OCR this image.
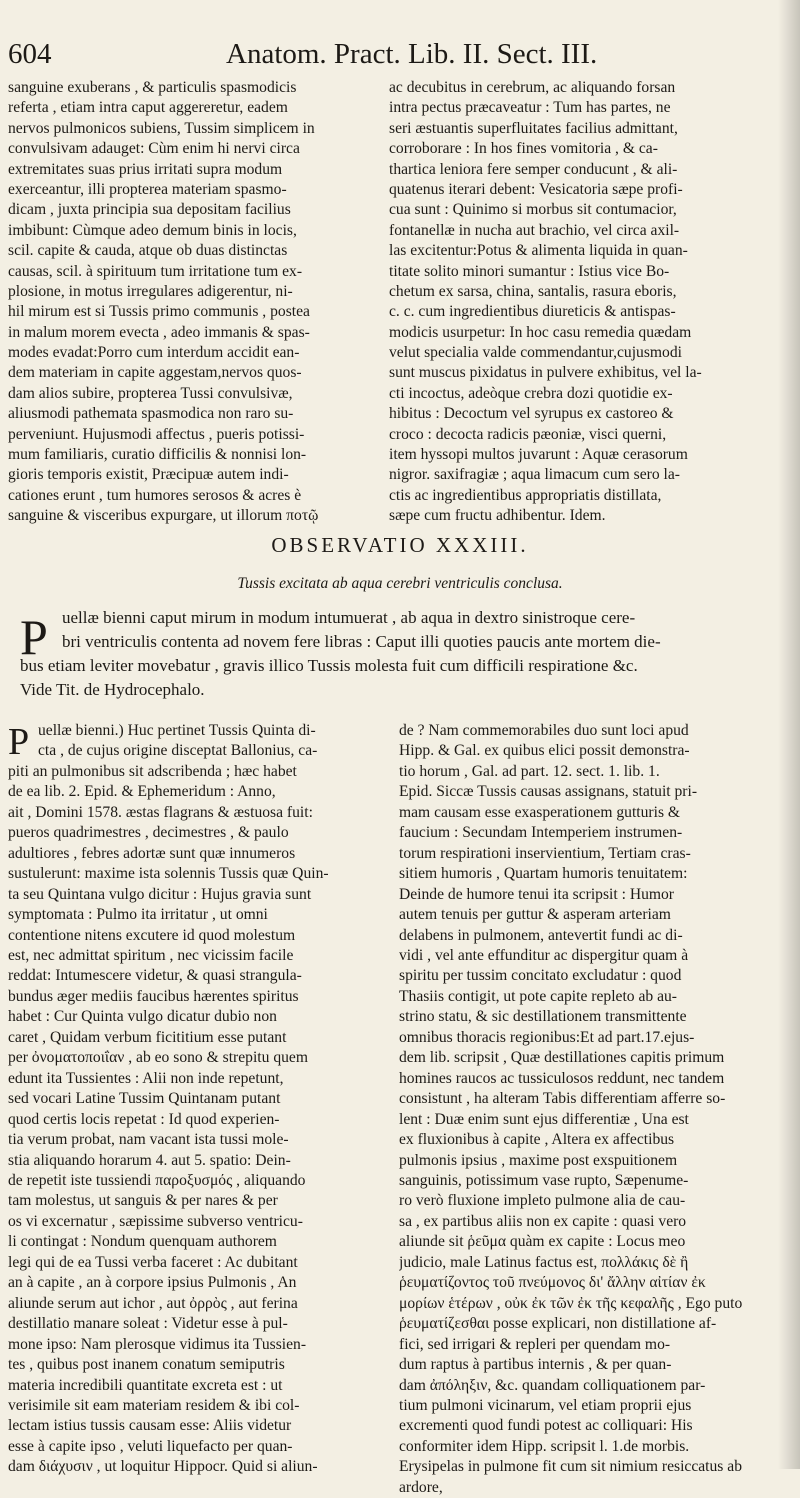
604	Anatom. Pract. Lib. II. Sect. III.
sanguine exuberans , & particulis spasmodicis
referta , etiam intra caput aggereretur, eadem
nervos pulmonicos subiens, Tussim simplicem in
convulsivam adauget: Cùm enim hi nervi circa
extremitates suas prius irritati supra modum
exerceantur, illi propterea materiam spasmo-
dicam , juxta principia sua depositam facilius
imbibunt: Cùmque adeo demum binis in locis,
scil. capite & cauda, atque ob duas distinctas
causas, scil. à spirituum tum irritatione tum ex-
plosione, in motus irregulares adigerentur, ni-
hil mirum est si Tussis primo communis , postea
in malum morem evecta , adeo immanis & spas-
modes evadat:Porro cum interdum accidit ean-
dem materiam in capite aggestam,nervos quos-
dam alios subire, propterea Tussi convulsivæ,
aliusmodi pathemata spasmodica non raro su-
perveniunt. Hujusmodi affectus , pueris potissi-
mum familiaris, curatio difficilis & nonnisi lon-
gioris temporis existit, Præcipuæ autem indi-
cationes erunt , tum humores serosos & acres è
sanguine & visceribus expurgare, ut illorum ποτῷ
ac decubitus in cerebrum, ac aliquando forsan
intra pectus præcaveatur : Tum has partes, ne
seri æstuantis superfluitates facilius admittant,
corroborare : In hos fines vomitoria , & ca-
thartica leniora fere semper conducunt , & ali-
quatenus iterari debent: Vesicatoria sæpe profi-
cua sunt : Quinimo si morbus sit contumacior,
fontanellæ in nucha aut brachio, vel circa axil-
las excitentur:Potus & alimenta liquida in quan-
titate solito minori sumantur : Istius vice Bo-
chetum ex sarsa, china, santalis, rasura eboris,
c. c. cum ingredientibus diureticis & antispas-
modicis usurpetur: In hoc casu remedia quædam
velut specialia valde commendantur,cujusmodi
sunt muscus pixidatus in pulvere exhibitus, vel la-
cti incoctus, adeòque crebra dozi quotidie ex-
hibitus : Decoctum vel syrupus ex castoreo &
croco : decocta radicis pæoniæ, visci querni,
item hyssopi multos juvarunt : Aquæ cerasorum
nigror. saxifragiæ ; aqua limacum cum sero la-
ctis ac ingredientibus appropriatis distillata,
sæpe cum fructu adhibentur. Idem.
OBSERVATIO XXXIII.
Tussis excitata ab aqua cerebri ventriculis conclusa.
P uellæ bienni caput mirum in modum intumuerat , ab aqua in dextro sinistroque cere-
bri ventriculis contenta ad novem fere libras : Caput illi quoties paucis ante mortem die-
bus etiam leviter movebatur , gravis illico Tussis molesta fuit cum difficili respiratione &c.
Vide Tit. de Hydrocephalo.
P uellæ bienni.) Huc pertinet Tussis Quinta di-
cta , de cujus origine disceptat Ballonius, ca-
piti an pulmonibus sit adscribenda ; hæc habet
de ea lib. 2. Epid. & Ephemeridum : Anno,
ait , Domini 1578. æstas flagrans & æstuosa fuit:
pueros quadrimestres , decimestres , & paulo
adultiores , febres adortæ sunt quæ innumeros
sustulerunt: maxime ista solennis Tussis quæ Quin-
ta seu Quintana vulgo dicitur : Hujus gravia sunt
symptomata : Pulmo ita irritatur , ut omni
contentione nitens excutere id quod molestum
est, nec admittat spiritum , nec vicissim facile
reddat: Intumescere videtur, & quasi strangula-
bundus æger mediis faucibus hærentes spiritus
habet : Cur Quinta vulgo dicatur dubio non
caret , Quidam verbum ficititium esse putant
per ὀνοματοποιΐαν , ab eo sono & strepitu quem
edunt ita Tussientes : Alii non inde repetunt,
sed vocari Latine Tussim Quintanam putant
quod certis locis repetat : Id quod experien-
tia verum probat, nam vacant ista tussi mole-
stia aliquando horarum 4. aut 5. spatio: Dein-
de repetit iste tussiendi παροξυσμός , aliquando
tam molestus, ut sanguis & per nares & per
os vi excernatur , sæpissime subverso ventricu-
li contingat : Nondum quenquam authorem
legi qui de ea Tussi verba faceret : Ac dubitant
an à capite , an à corpore ipsius Pulmonis , An
aliunde serum aut ichor , aut ὀρρὸς , aut ferina
destillatio manare soleat : Videtur esse à pul-
mone ipso: Nam plerosque vidimus ita Tussien-
tes , quibus post inanem conatum semiputris
materia incredibili quantitate excreta est : ut
verisimile sit eam materiam residem & ibi col-
lectam istius tussis causam esse: Aliis videtur
esse à capite ipso , veluti liquefacto per quan-
dam διάχυσιν , ut loquitur Hippocr. Quid si aliun-
de ? Nam commemorabiles duo sunt loci apud
Hipp. & Gal. ex quibus elici possit demonstra-
tio horum , Gal. ad part. 12. sect. 1. lib. 1.
Epid. Siccæ Tussis causas assignans, statuit pri-
mam causam esse exasperationem gutturis &
faucium : Secundam Intemperiem instrumen-
torum respirationi inservientium, Tertiam cras-
sitiem humoris , Quartam humoris tenuitatem:
Deinde de humore tenui ita scripsit : Humor
autem tenuis per guttur & asperam arteriam
delabens in pulmonem, antevertit fundi ac di-
vidi , vel ante effunditur ac dispergitur quam à
spiritu per tussim concitato excludatur : quod
Thasiis contigit, ut pote capite repleto ab au-
strino statu, & sic destillationem transmittente
omnibus thoracis regionibus:Et ad part.17.ejus-
dem lib. scripsit , Quæ destillationes capitis primum
homines raucos ac tussiculosos reddunt, nec tandem
consistunt , ha alteram Tabis differentiam afferre so-
lent : Duæ enim sunt ejus differentiæ , Una est
ex fluxionibus à capite , Altera ex affectibus
pulmonis ipsius , maxime post exspuitionem
sanguinis, potissimum vase rupto, Sæpenume-
ro verò fluxione impleto pulmone alia de cau-
sa , ex partibus aliis non ex capite : quasi vero
aliunde sit ῥεῦμα quàm ex capite : Locus meo
judicio, male Latinus factus est, πολλάκις δὲ ἢ
ῥευματίζοντος τοῦ πνεύμονος δι' ἄλλην αἰτίαν ἐκ
μορίων ἑτέρων , οὐκ ἐκ τῶν ἐκ τῆς κεφαλῆς , Ego puto
ῥευματίζεσθαι posse explicari, non distillatione af-
fici, sed irrigari & repleri per quendam mo-
dum raptus à partibus internis , & per quan-
dam ἀπόληξιν, &c. quandam colliquationem par-
tium pulmoni vicinarum, vel etiam proprii ejus
excrementi quod fundi potest ac colliquari: His
conformiter idem Hipp. scripsit l. 1.de morbis.
Erysipelas in pulmone fit cum sit nimium resiccatus ab
ardore,
